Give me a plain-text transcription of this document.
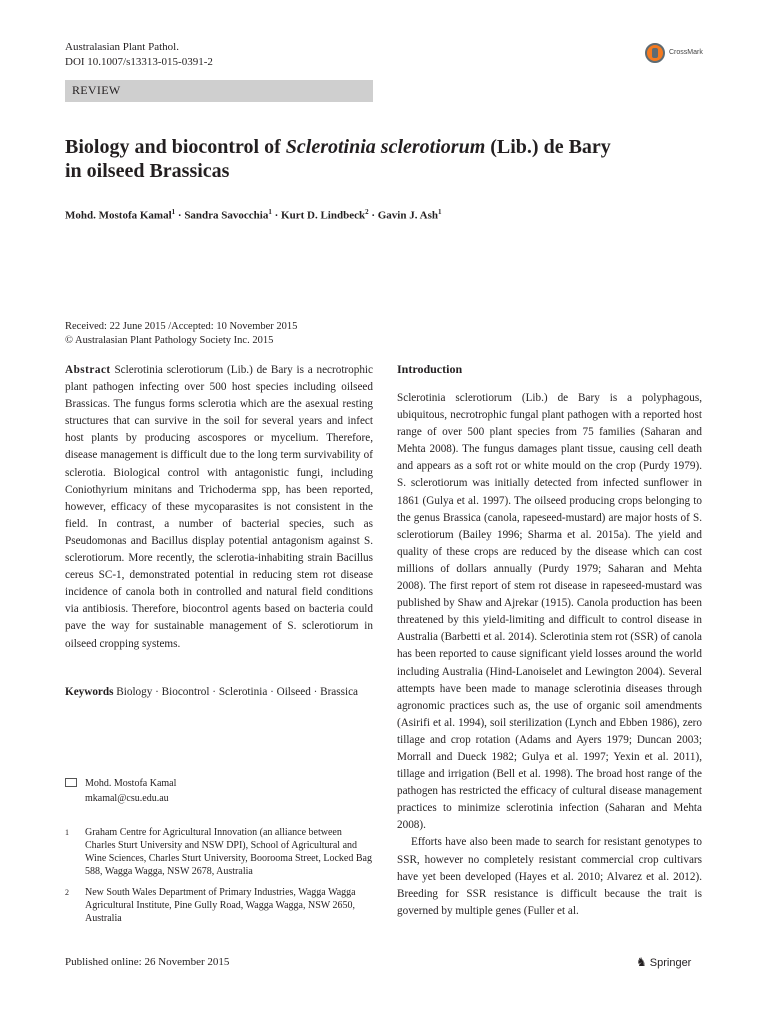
Australasian Plant Pathol.
DOI 10.1007/s13313-015-0391-2
REVIEW
CrossMark
Biology and biocontrol of Sclerotinia sclerotiorum (Lib.) de Bary
in oilseed Brassicas
Mohd. Mostofa Kamal$^1$ · Sandra Savocchia$^1$ · Kurt D. Lindbeck$^2$ · Gavin J. Ash$^1$
Received: 22 June 2015 /Accepted: 10 November 2015
© Australasian Plant Pathology Society Inc. 2015
Abstract Sclerotinia sclerotiorum (Lib.) de Bary is a necrotrophic plant pathogen infecting over 500 host species including oilseed Brassicas. The fungus forms sclerotia which are the asexual resting structures that can survive in the soil for several years and infect host plants by producing ascospores or mycelium. Therefore, disease management is difficult due to the long term survivability of sclerotia. Biological control with antagonistic fungi, including Coniothyrium minitans and Trichoderma spp, has been reported, however, efficacy of these mycoparasites is not consistent in the field. In contrast, a number of bacterial species, such as Pseudomonas and Bacillus display potential antagonism against S. sclerotiorum. More recently, the sclerotia-inhabiting strain Bacillus cereus SC-1, demonstrated potential in reducing stem rot disease incidence of canola both in controlled and natural field conditions via antibiosis. Therefore, biocontrol agents based on bacteria could pave the way for sustainable management of S. sclerotiorum in oilseed cropping systems.
Keywords Biology · Biocontrol · Sclerotinia · Oilseed · Brassica
Mohd. Mostofa Kamal
mkamal@csu.edu.au
1 Graham Centre for Agricultural Innovation (an alliance between Charles Sturt University and NSW DPI), School of Agricultural and Wine Sciences, Charles Sturt University, Boorooma Street, Locked Bag 588, Wagga Wagga, NSW 2678, Australia
2 New South Wales Department of Primary Industries, Wagga Wagga Agricultural Institute, Pine Gully Road, Wagga Wagga, NSW 2650, Australia
Introduction

Sclerotinia sclerotiorum (Lib.) de Bary is a polyphagous, ubiquitous, necrotrophic fungal plant pathogen with a reported host range of over 500 plant species from 75 families (Saharan and Mehta 2008). The fungus damages plant tissue, causing cell death and appears as a soft rot or white mould on the crop (Purdy 1979). S. sclerotiorum was initially detected from infected sunflower in 1861 (Gulya et al. 1997). The oilseed producing crops belonging to the genus Brassica (canola, rapeseed-mustard) are major hosts of S. sclerotiorum (Bailey 1996; Sharma et al. 2015a). The yield and quality of these crops are reduced by the disease which can cost millions of dollars annually (Purdy 1979; Saharan and Mehta 2008). The first report of stem rot disease in rapeseed-mustard was published by Shaw and Ajrekar (1915). Canola production has been threatened by this yield-limiting and difficult to control disease in Australia (Barbetti et al. 2014). Sclerotinia stem rot (SSR) of canola has been reported to cause significant yield losses around the world including Australia (Hind-Lanoiselet and Lewington 2004). Several attempts have been made to manage sclerotinia diseases through agronomic practices such as, the use of organic soil amendments (Asirifi et al. 1994), soil sterilization (Lynch and Ebben 1986), zero tillage and crop rotation (Adams and Ayers 1979; Duncan 2003; Morrall and Dueck 1982; Gulya et al. 1997; Yexin et al. 2011), tillage and irrigation (Bell et al. 1998). The broad host range of the pathogen has restricted the efficacy of cultural disease management practices to minimize sclerotinia infection (Saharan and Mehta 2008).

Efforts have also been made to search for resistant genotypes to SSR, however no completely resistant commercial crop cultivars have yet been developed (Hayes et al. 2010; Alvarez et al. 2012). Breeding for SSR resistance is difficult because the trait is governed by multiple genes (Fuller et al.

Published online: 26 November 2015	♞ Springer
